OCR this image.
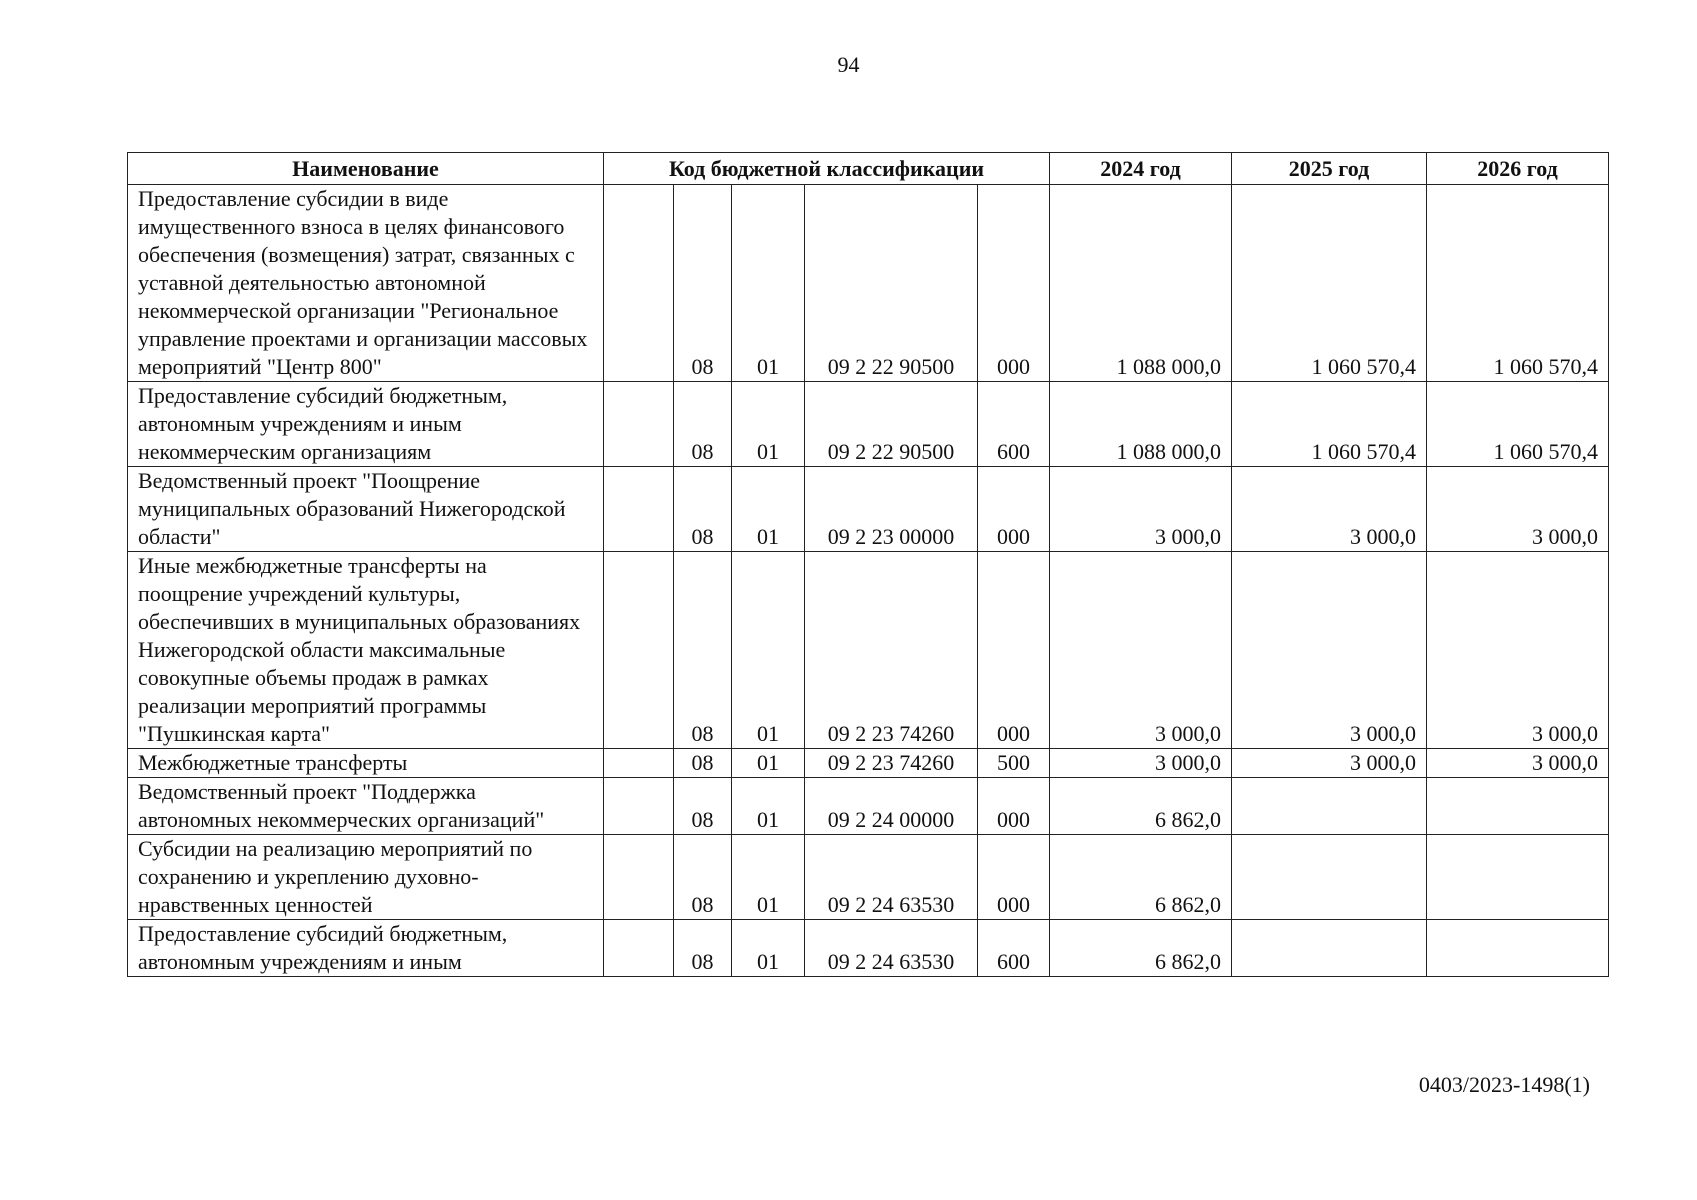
94
Наименование	Код бюджетной классификации					2024 год	2025 год	2026 год
Предоставление субсидии в виде имущественного взноса в целях финансового обеспечения (возмещения) затрат, связанных с уставной деятельностью автономной некоммерческой организации "Региональное управление проектами и организации массовых мероприятий "Центр 800"		08	01	09 2 22 90500	000	1 088 000,0	1 060 570,4	1 060 570,4
Предоставление субсидий бюджетным, автономным учреждениям и иным некоммерческим организациям		08	01	09 2 22 90500	600	1 088 000,0	1 060 570,4	1 060 570,4
Ведомственный проект "Поощрение муниципальных образований Нижегородской области"		08	01	09 2 23 00000	000	3 000,0	3 000,0	3 000,0
Иные межбюджетные трансферты на поощрение учреждений культуры, обеспечивших в муниципальных образованиях Нижегородской области максимальные совокупные объемы продаж в рамках реализации мероприятий программы "Пушкинская карта"		08	01	09 2 23 74260	000	3 000,0	3 000,0	3 000,0
Межбюджетные трансферты		08	01	09 2 23 74260	500	3 000,0	3 000,0	3 000,0
Ведомственный проект "Поддержка автономных некоммерческих организаций"		08	01	09 2 24 00000	000	6 862,0		
Субсидии на реализацию мероприятий по сохранению и укреплению духовно-нравственных ценностей		08	01	09 2 24 63530	000	6 862,0		
Предоставление субсидий бюджетным, автономным учреждениям и иным		08	01	09 2 24 63530	600	6 862,0		
0403/2023-1498(1)
